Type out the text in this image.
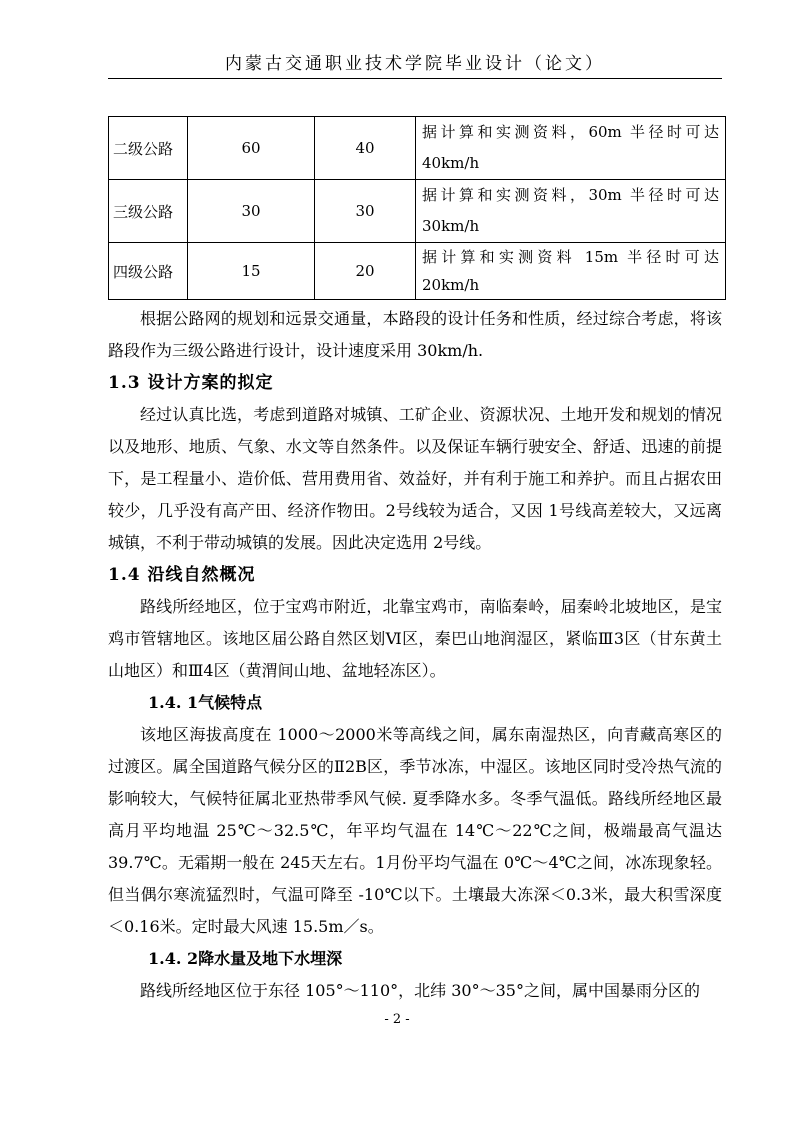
内蒙古交通职业技术学院毕业设计（论文）
二级公路	60	40	据计算和实测资料，60m 半径时可达 40km/h
三级公路	30	30	据计算和实测资料，30m 半径时可达 30km/h
四级公路	15	20	据计算和实测资料 15m 半径时可达 20km/h

根据公路网的规划和远景交通量，本路段的设计任务和性质，经过综合考虑，将该路段作为三级公路进行设计，设计速度采用 30km/h.

1.3 设计方案的拟定

经过认真比选，考虑到道路对城镇、工矿企业、资源状况、土地开发和规划的情况以及地形、地质、气象、水文等自然条件。以及保证车辆行驶安全、舒适、迅速的前提下，是工程量小、造价低、营用费用省、效益好，并有利于施工和养护。而且占据农田较少，几乎没有高产田、经济作物田。2号线较为适合，又因 1号线高差较大，又远离城镇，不利于带动城镇的发展。因此决定选用 2号线。

1.4 沿线自然概况

路线所经地区，位于宝鸡市附近，北靠宝鸡市，南临秦岭，届秦岭北坡地区，是宝鸡市管辖地区。该地区届公路自然区划Ⅵ区，秦巴山地润湿区，紧临Ⅲ3区（甘东黄土山地区）和Ⅲ4区（黄渭间山地、盆地轻冻区）。

1.4. 1气候特点

该地区海拔高度在 1000～2000米等高线之间，属东南湿热区，向青藏高寒区的过渡区。属全国道路气候分区的Ⅱ2B区，季节冰冻，中湿区。该地区同时受冷热气流的影响较大，气候特征属北亚热带季风气候. 夏季降水多。冬季气温低。路线所经地区最高月平均地温 25℃～32.5℃，年平均气温在 14℃～22℃之间，极端最高气温达 39.7℃。无霜期一般在 245天左右。1月份平均气温在 0℃～4℃之间，冰冻现象轻。但当偶尔寒流猛烈时，气温可降至 -10℃以下。土壤最大冻深＜0.3米，最大积雪深度＜0.16米。定时最大风速 15.5m／s。

1.4. 2降水量及地下水埋深

路线所经地区位于东径 105°～110°，北纬 30°～35°之间，属中国暴雨分区的

- 2 -
